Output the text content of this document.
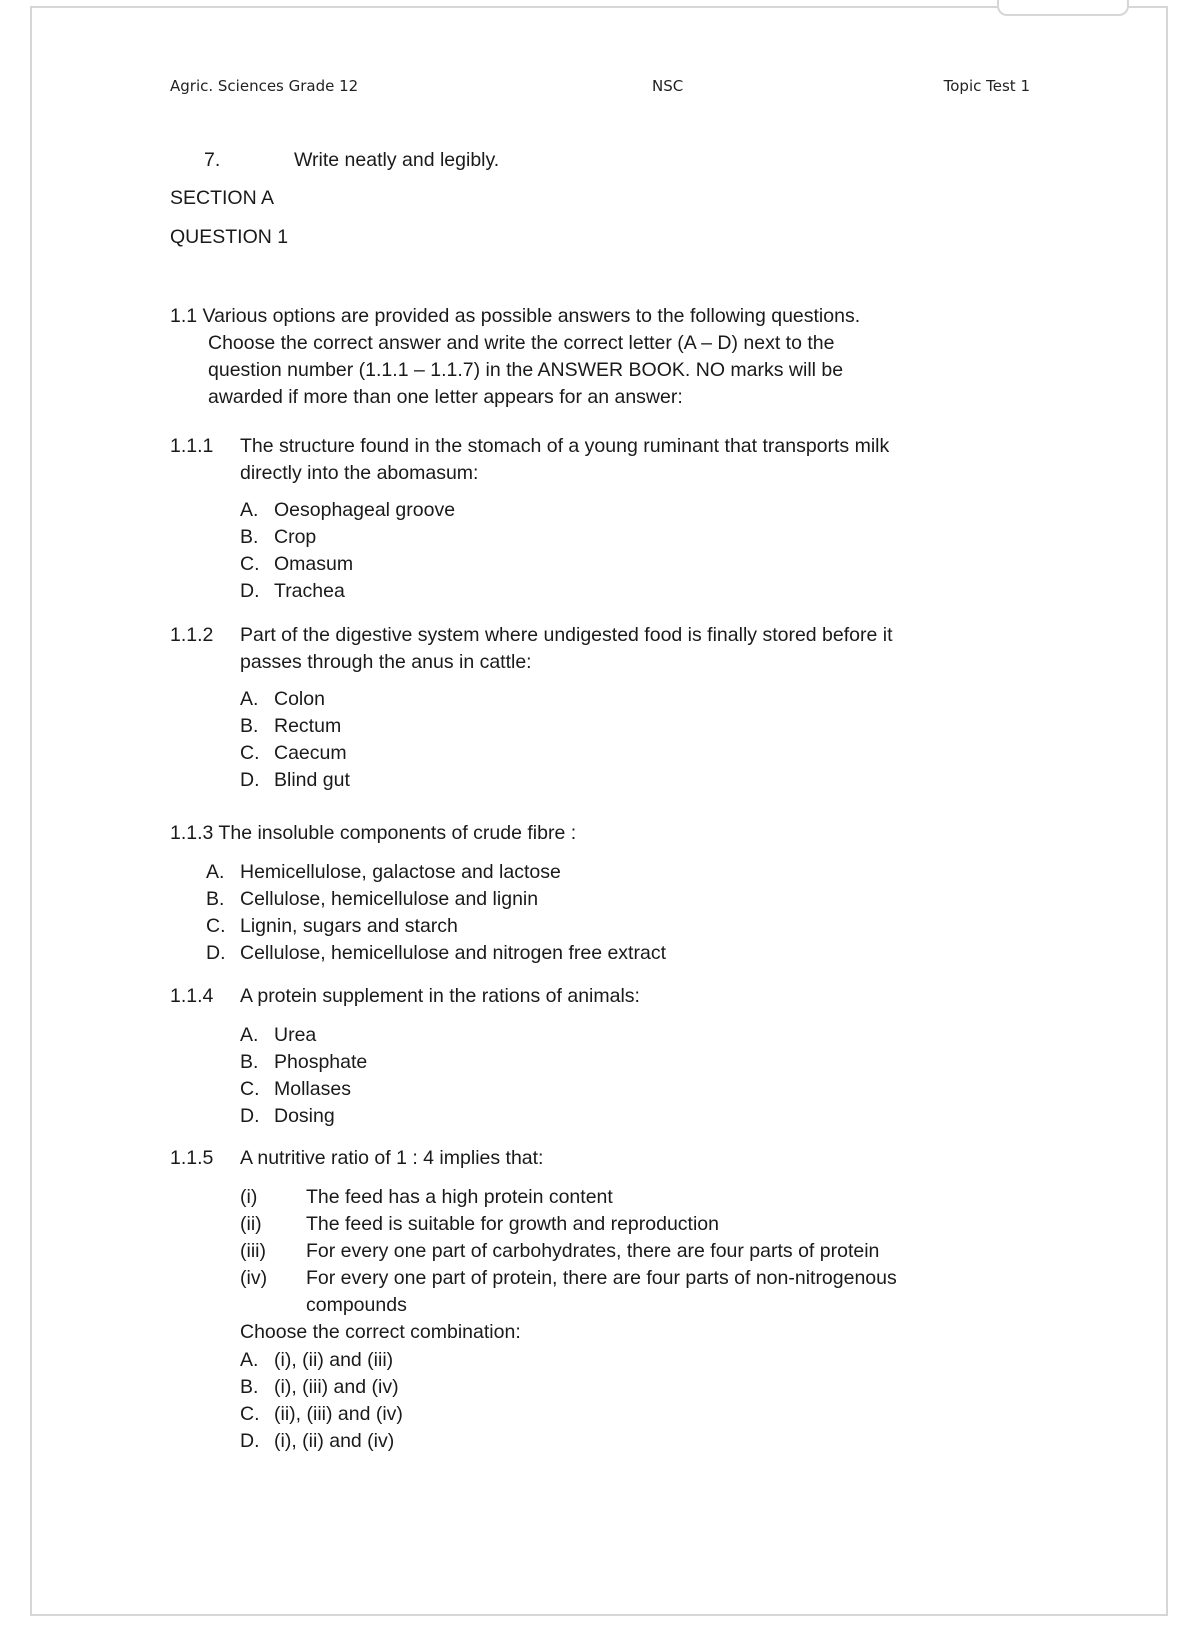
Agric. Sciences Grade 12	NSC	Topic Test 1
7.	Write neatly and legibly.
SECTION A
QUESTION 1
1.1 Various options are provided as possible answers to the following questions.
Choose the correct answer and write the correct letter (A – D) next to the
question number (1.1.1 – 1.1.7) in the ANSWER BOOK. NO marks will be
awarded if more than one letter appears for an answer:
1.1.1 The structure found in the stomach of a young ruminant that transports milk
directly into the abomasum:
A. Oesophageal groove
B. Crop
C. Omasum
D. Trachea
1.1.2 Part of the digestive system where undigested food is finally stored before it
passes through the anus in cattle:
A. Colon
B. Rectum
C. Caecum
D. Blind gut
1.1.3 The insoluble components of crude fibre :
A. Hemicellulose, galactose and lactose
B. Cellulose, hemicellulose and lignin
C. Lignin, sugars and starch
D. Cellulose, hemicellulose and nitrogen free extract
1.1.4 A protein supplement in the rations of animals:
A. Urea
B. Phosphate
C. Mollases
D. Dosing
1.1.5 A nutritive ratio of 1 : 4 implies that:
(i) The feed has a high protein content
(ii) The feed is suitable for growth and reproduction
(iii) For every one part of carbohydrates, there are four parts of protein
(iv) For every one part of protein, there are four parts of non-nitrogenous
compounds
Choose the correct combination:
A. (i), (ii) and (iii)
B. (i), (iii) and (iv)
C. (ii), (iii) and (iv)
D. (i), (ii) and (iv)
